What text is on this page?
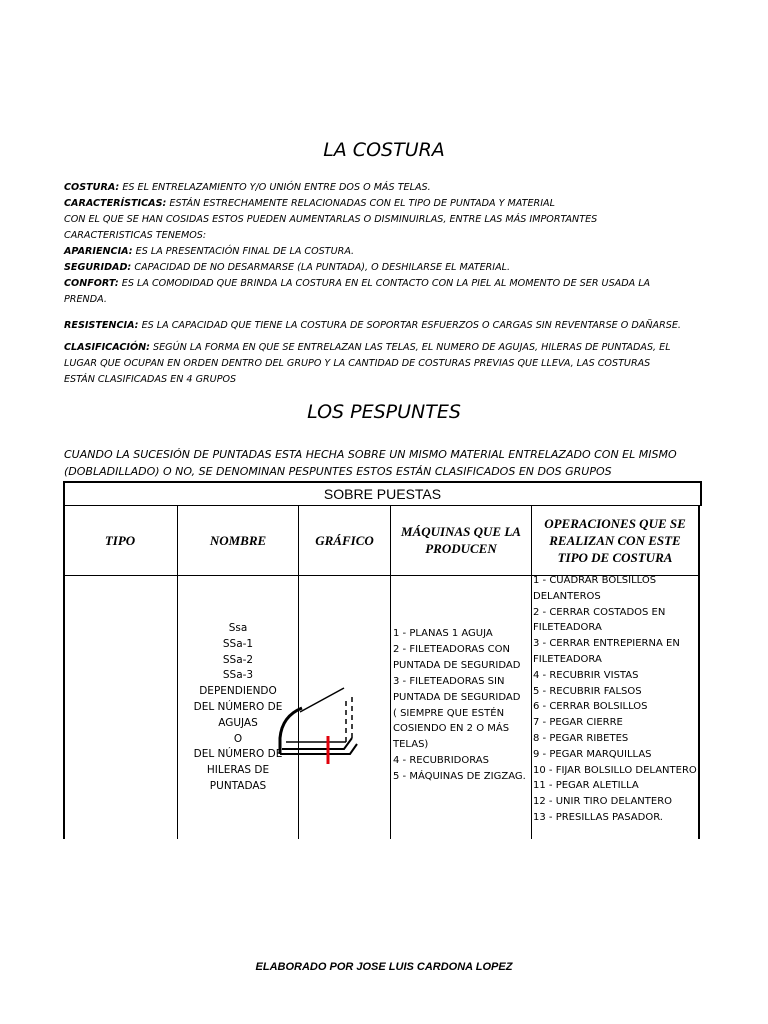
LA COSTURA
COSTURA: ES EL ENTRELAZAMIENTO Y/O UNIÓN ENTRE DOS O MÁS TELAS.
CARACTERÍSTICAS: ESTÁN ESTRECHAMENTE RELACIONADAS CON EL TIPO DE PUNTADA Y MATERIAL
CON EL QUE SE HAN COSIDAS ESTOS PUEDEN AUMENTARLAS O DISMINUIRLAS, ENTRE LAS MÁS IMPORTANTES
CARACTERISTICAS TENEMOS:
APARIENCIA: ES LA PRESENTACIÓN FINAL DE LA COSTURA.
SEGURIDAD: CAPACIDAD DE NO DESARMARSE (LA PUNTADA), O DESHILARSE EL MATERIAL.
CONFORT: ES LA COMODIDAD QUE BRINDA LA COSTURA EN EL CONTACTO CON LA PIEL AL MOMENTO DE SER USADA LA
PRENDA.
RESISTENCIA: ES LA CAPACIDAD QUE TIENE LA COSTURA DE SOPORTAR ESFUERZOS O CARGAS SIN REVENTARSE O DAÑARSE.
CLASIFICACIÓN: SEGÚN LA FORMA EN QUE SE ENTRELAZAN LAS TELAS, EL NUMERO DE AGUJAS, HILERAS DE PUNTADAS, EL
LUGAR QUE OCUPAN EN ORDEN DENTRO DEL GRUPO Y LA CANTIDAD DE COSTURAS PREVIAS QUE LLEVA, LAS COSTURAS
ESTÁN CLASIFICADAS EN 4 GRUPOS
LOS PESPUNTES
CUANDO LA SUCESIÓN DE PUNTADAS ESTA HECHA SOBRE UN MISMO MATERIAL ENTRELAZADO CON EL MISMO
(DOBLADILLADO) O NO, SE DENOMINAN PESPUNTES ESTOS ESTÁN CLASIFICADOS EN DOS GRUPOS
SOBRE PUESTAS
TIPO	NOMBRE	GRÁFICO
MÁQUINAS QUE LA PRODUCEN
OPERACIONES QUE SE REALIZAN CON ESTE TIPO DE COSTURA
Ssa
SSa-1
SSa-2
SSa-3
DEPENDIENDO
DEL NÚMERO DE
AGUJAS
O
DEL NÚMERO DE
HILERAS DE
PUNTADAS
1 - PLANAS 1 AGUJA
2 - FILETEADORAS CON
PUNTADA DE SEGURIDAD
3 - FILETEADORAS SIN
PUNTADA DE SEGURIDAD
( SIEMPRE QUE ESTÉN
COSIENDO EN 2 O MÁS
TELAS)
4 - RECUBRIDORAS
5 - MÁQUINAS DE ZIGZAG.
1 - CUADRAR BOLSILLOS
DELANTEROS
2 - CERRAR COSTADOS EN
FILETEADORA
3 - CERRAR ENTREPIERNA EN
FILETEADORA
4 - RECUBRIR VISTAS
5 - RECUBRIR FALSOS
6 - CERRAR BOLSILLOS
7 - PEGAR CIERRE
8 - PEGAR RIBETES
9 - PEGAR MARQUILLAS
10 - FIJAR BOLSILLO DELANTERO
11 - PEGAR ALETILLA
12 - UNIR TIRO DELANTERO
13 - PRESILLAS PASADOR.
ELABORADO POR JOSE LUIS CARDONA LOPEZ
